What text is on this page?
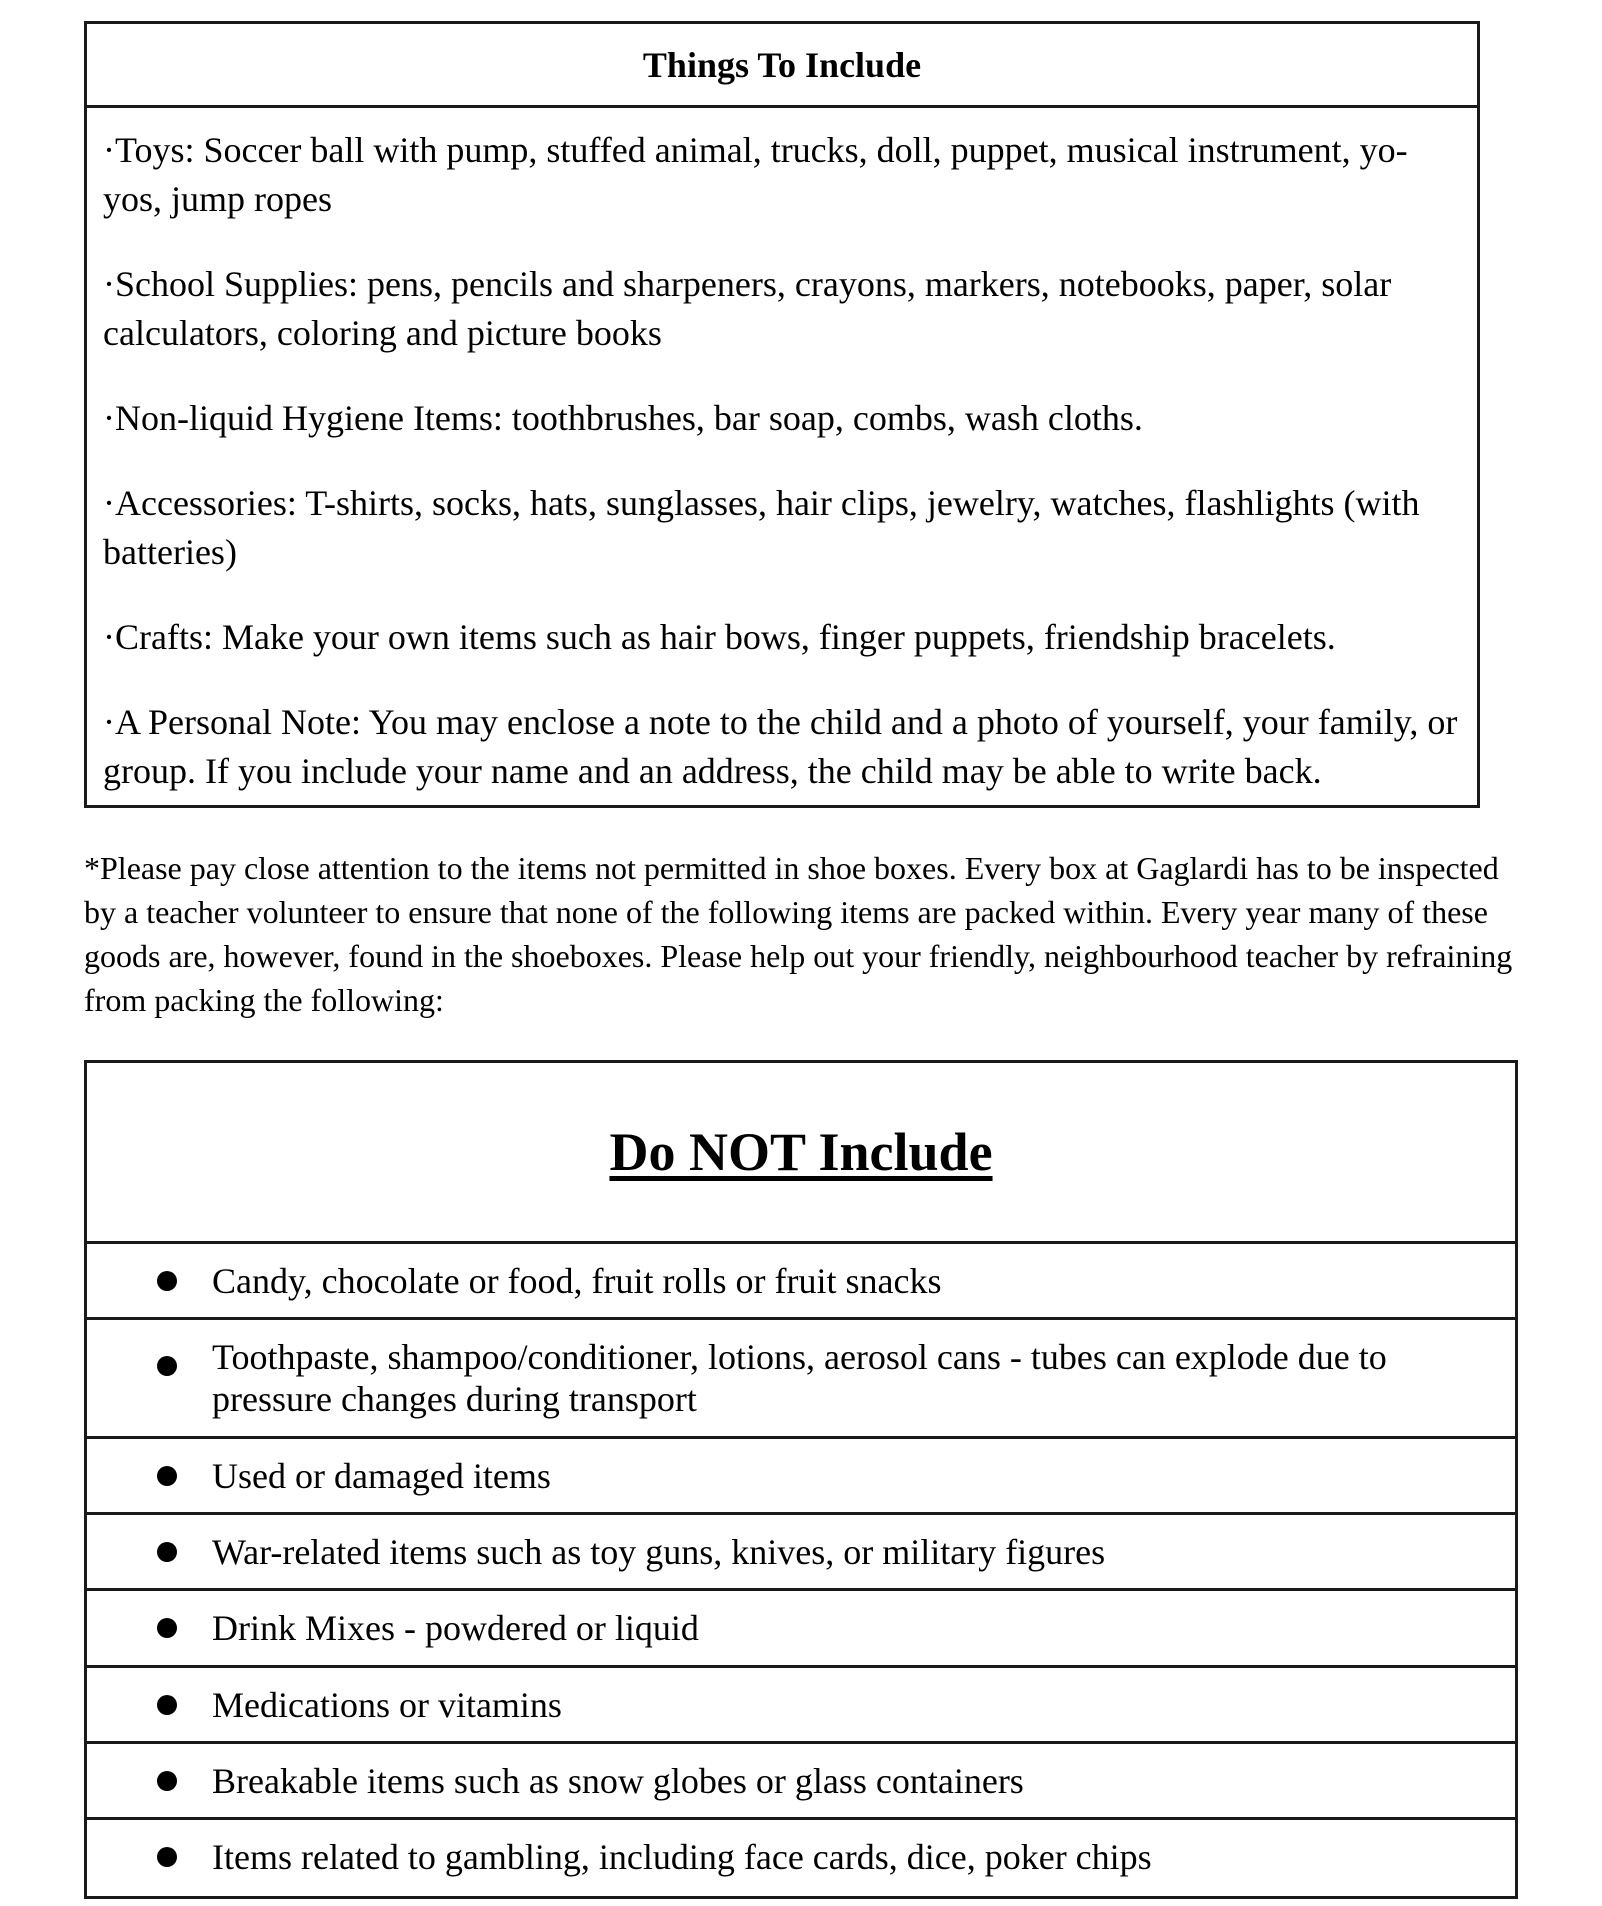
Things To Include
·Toys: Soccer ball with pump, stuffed animal, trucks, doll, puppet, musical instrument, yo-yos, jump ropes
·School Supplies: pens, pencils and sharpeners, crayons, markers, notebooks, paper, solar calculators, coloring and picture books
·Non-liquid Hygiene Items: toothbrushes, bar soap, combs, wash cloths.
·Accessories: T-shirts, socks, hats, sunglasses, hair clips, jewelry, watches, flashlights (with batteries)
·Crafts: Make your own items such as hair bows, finger puppets, friendship bracelets.
·A Personal Note: You may enclose a note to the child and a photo of yourself, your family, or group. If you include your name and an address, the child may be able to write back.

*Please pay close attention to the items not permitted in shoe boxes. Every box at Gaglardi has to be inspected by a teacher volunteer to ensure that none of the following items are packed within. Every year many of these goods are, however, found in the shoeboxes. Please help out your friendly, neighbourhood teacher by refraining from packing the following:

Do NOT Include
Candy, chocolate or food, fruit rolls or fruit snacks
Toothpaste, shampoo/conditioner, lotions, aerosol cans - tubes can explode due to pressure changes during transport
Used or damaged items
War-related items such as toy guns, knives, or military figures
Drink Mixes - powdered or liquid
Medications or vitamins
Breakable items such as snow globes or glass containers
Items related to gambling, including face cards, dice, poker chips
